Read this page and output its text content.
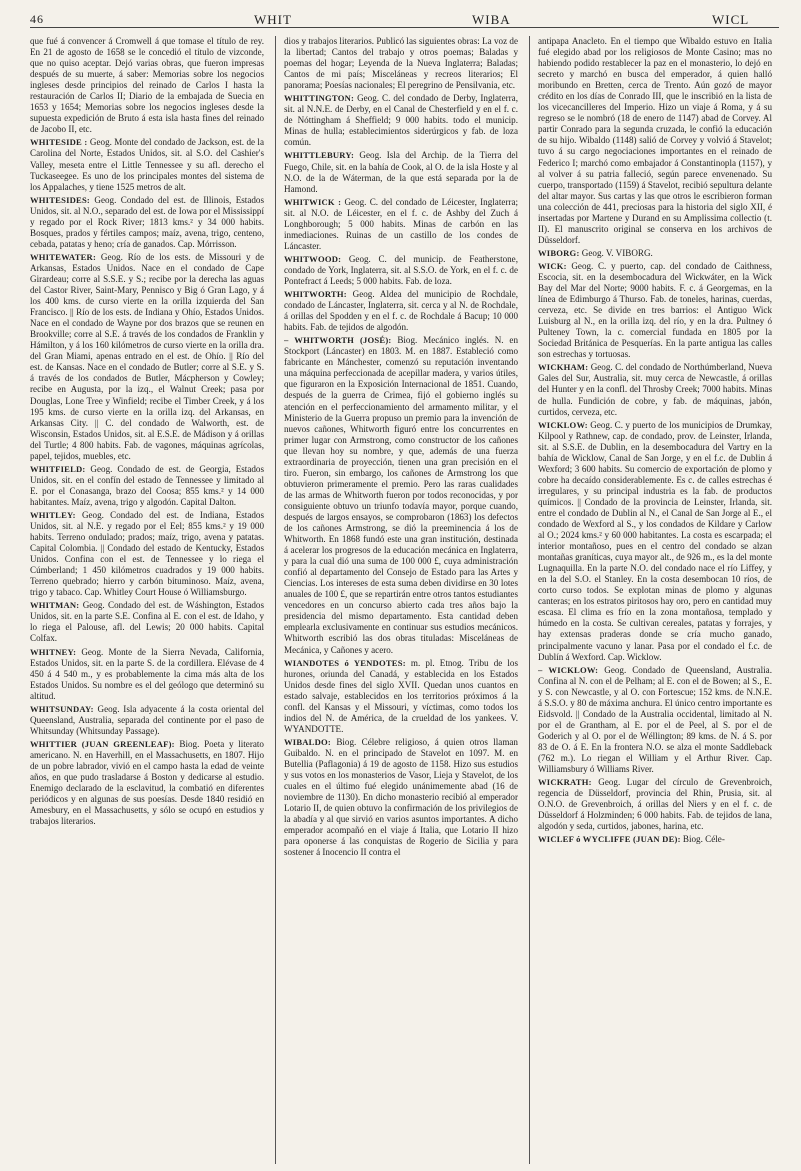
46	WHIT	WIBA	WICL

que fué á convencer á Cromwell á que tomase el título de rey. En 21 de agosto de 1658 se le concedió el título de vizconde, que no quiso aceptar. Dejó varias obras, que fueron impresas después de su muerte, á saber: Memorias sobre los negocios ingleses desde principios del reinado de Carlos I hasta la restauración de Carlos II; Diario de la embajada de Suecia en 1653 y 1654; Memorias sobre los negocios ingleses desde la supuesta expedición de Bruto á esta isla hasta fines del reinado de Jacobo II, etc.

WHITESIDE : Geog. Monte del condado de Jackson, est. de la Carolina del Norte, Estados Unidos, sit. al S.O. del Cashier's Valley, meseta entre el Little Tennessee y su afl. derecho el Tuckaseegee. Es uno de los principales montes del sistema de los Appalaches, y tiene 1525 metros de alt.

WHITESIDES: Geog. Condado del est. de Illinois, Estados Unidos, sit. al N.O., separado del est. de Iowa por el Mississippí y regado por el Rock River; 1813 kms.² y 34 000 habits. Bosques, prados y fértiles campos; maíz, avena, trigo, centeno, cebada, patatas y heno; cría de ganados. Cap. Mórrisson.

WHITEWATER: Geog. Río de los ests. de Missouri y de Arkansas, Estados Unidos. Nace en el condado de Cape Girardeau; corre al S.S.E. y S.; recibe por la derecha las aguas del Castor River, Saint-Mary, Pennisco y Big ó Gran Lago, y á los 400 kms. de curso vierte en la orilla izquierda del San Francisco. || Río de los ests. de Indiana y Ohío, Estados Unidos. Nace en el condado de Wayne por dos brazos que se reunen en Brookville; corre al S.E. á través de los condados de Franklin y Hámilton, y á los 160 kilómetros de curso vierte en la orilla dra. del Gran Miami, apenas entrado en el est. de Ohío. || Río del est. de Kansas. Nace en el condado de Butler; corre al S.E. y S. á través de los condados de Butler, Mácpherson y Cowley; recibe en Augusta, por la izq., el Walnut Creek; pasa por Douglas, Lone Tree y Winfield; recibe el Timber Creek, y á los 195 kms. de curso vierte en la orilla izq. del Arkansas, en Arkansas City. || C. del condado de Walworth, est. de Wisconsin, Estados Unidos, sit. al E.S.E. de Mádison y á orillas del Turtle; 4 800 habits. Fab. de vagones, máquinas agrícolas, papel, tejidos, muebles, etc.

WHITFIELD: Geog. Condado de est. de Georgia, Estados Unidos, sit. en el confín del estado de Tennessee y limitado al E. por el Conasanga, brazo del Coosa; 855 kms.² y 14 000 habitantes. Maíz, avena, trigo y algodón. Capital Dalton.

WHITLEY: Geog. Condado del est. de Indiana, Estados Unidos, sit. al N.E. y regado por el Eel; 855 kms.² y 19 000 habits. Terreno ondulado; prados; maíz, trigo, avena y patatas. Capital Colombia. || Condado del estado de Kentucky, Estados Unidos. Confina con el est. de Tennessee y lo riega el Cúmberland; 1 450 kilómetros cuadrados y 19 000 habits. Terreno quebrado; hierro y carbón bituminoso. Maíz, avena, trigo y tabaco. Cap. Whitley Court House ó Williamsburgo.

WHITMAN: Geog. Condado del est. de Wáshington, Estados Unidos, sit. en la parte S.E. Confina al E. con el est. de Idaho, y lo riega el Palouse, afl. del Lewis; 20 000 habits. Capital Colfax.

WHITNEY: Geog. Monte de la Sierra Nevada, California, Estados Unidos, sit. en la parte S. de la cordillera. Elévase de 4 450 á 4 540 m., y es probablemente la cima más alta de los Estados Unidos. Su nombre es el del geólogo que determinó su altitud.

WHITSUNDAY: Geog. Isla adyacente á la costa oriental del Queensland, Australia, separada del continente por el paso de Whitsunday (Whitsunday Passage).

WHITTIER (JUAN GREENLEAF): Biog. Poeta y literato americano. N. en Haverhill, en el Massachusetts, en 1807. Hijo de un pobre labrador, vivió en el campo hasta la edad de veinte años, en que pudo trasladarse á Boston y dedicarse al estudio. Enemigo declarado de la esclavitud, la combatió en diferentes periódicos y en algunas de sus poesías. Desde 1840 residió en Amesbury, en el Massachusetts, y sólo se ocupó en estudios y trabajos literarios.

dios y trabajos literarios. Publicó las siguientes obras: La voz de la libertad; Cantos del trabajo y otros poemas; Baladas y poemas del hogar; Leyenda de la Nueva Inglaterra; Baladas; Cantos de mi país; Misceláneas y recreos literarios; El panorama; Poesías nacionales; El peregrino de Pensilvania, etc.

WHITTINGTON: Geog. C. del condado de Derby, Inglaterra, sit. al N.N.E. de Derby, en el Canal de Chesterfield y en el f. c. de Nóttingham á Sheffield; 9 000 habits. todo el municip. Minas de hulla; establecimientos siderúrgicos y fab. de loza común.

WHITTLEBURY: Geog. Isla del Archip. de la Tierra del Fuego, Chile, sit. en la bahía de Cook, al O. de la isla Hoste y al N.O. de la de Wáterman, de la que está separada por la de Hamond.

WHITWICK : Geog. C. del condado de Léicester, Inglaterra; sit. al N.O. de Léicester, en el f. c. de Ashby del Zuch á Longhborough; 5 000 habits. Minas de carbón en las inmediaciones. Ruinas de un castillo de los condes de Láncaster.

WHITWOOD: Geog. C. del municip. de Featherstone, condado de York, Inglaterra, sit. al S.S.O. de York, en el f. c. de Pontefract á Leeds; 5 000 habits. Fab. de loza.

WHITWORTH: Geog. Aldea del municipio de Rochdale, condado de Láncaster, Inglaterra, sit. cerca y al N. de Rochdale, á orillas del Spodden y en el f. c. de Rochdale á Bacup; 10 000 habits. Fab. de tejidos de algodón.

– WHITWORTH (JOSÉ): Biog. Mecánico inglés. N. en Stockport (Láncaster) en 1803. M. en 1887. Estableció como fabricante en Mánchester, comenzó su reputación inventando una máquina perfeccionada de acepillar madera, y varios útiles, que figuraron en la Exposición Internacional de 1851. Cuando, después de la guerra de Crimea, fijó el gobierno inglés su atención en el perfeccionamiento del armamento militar, y el Ministerio de la Guerra propuso un premio para la invención de nuevos cañones, Whitworth figuró entre los concurrentes en primer lugar con Armstrong, como constructor de los cañones que llevan hoy su nombre, y que, además de una fuerza extraordinaria de proyección, tienen una gran precisión en el tiro. Fueron, sin embargo, los cañones de Armstrong los que obtuvieron primeramente el premio. Pero las raras cualidades de las armas de Whitworth fueron por todos reconocidas, y por consiguiente obtuvo un triunfo todavía mayor, porque cuando, después de largos ensayos, se comprobaron (1863) los defectos de los cañones Armstrong, se dió la preeminencia á los de Whitworth. En 1868 fundó este una gran institución, destinada á acelerar los progresos de la educación mecánica en Inglaterra, y para la cual dió una suma de 100 000 £, cuya administración confió al departamento del Consejo de Estado para las Artes y Ciencias. Los intereses de esta suma deben dividirse en 30 lotes anuales de 100 £, que se repartirán entre otros tantos estudiantes vencedores en un concurso abierto cada tres años bajo la presidencia del mismo departamento. Esta cantidad deben emplearla exclusivamente en continuar sus estudios mecánicos. Whitworth escribió las dos obras tituladas: Misceláneas de Mecánica, y Cañones y acero.

WIANDOTES ó YENDOTES: m. pl. Etnog. Tribu de los hurones, oriunda del Canadá, y establecida en los Estados Unidos desde fines del siglo XVII. Quedan unos cuantos en estado salvaje, establecidos en los territorios próximos á la confl. del Kansas y el Missouri, y víctimas, como todos los indios del N. de América, de la crueldad de los yankees. V. WYANDOTTE.

WIBALDO: Biog. Célebre religioso, á quien otros llaman Guibaldo. N. en el principado de Stavelot en 1097. M. en Butellia (Paflagonia) á 19 de agosto de 1158. Hizo sus estudios y sus votos en los monasterios de Vasor, Lieja y Stavelot, de los cuales en el último fué elegido unánimemente abad (16 de noviembre de 1130). En dicho monasterio recibió al emperador Lotario II, de quien obtuvo la confirmación de los privilegios de la abadía y al que sirvió en varios asuntos importantes. A dicho emperador acompañó en el viaje á Italia, que Lotario II hizo para oponerse á las conquistas de Rogerio de Sicilia y para sostener á Inocencio II contra el

antipapa Anacleto. En el tiempo que Wibaldo estuvo en Italia fué elegido abad por los religiosos de Monte Casino; mas no habiendo podido restablecer la paz en el monasterio, lo dejó en secreto y marchó en busca del emperador, á quien halló moribundo en Bretten, cerca de Trento. Aún gozó de mayor crédito en los días de Conrado III, que le inscribió en la lista de los vicecancilleres del Imperio. Hizo un viaje á Roma, y á su regreso se le nombró (18 de enero de 1147) abad de Corvey. Al partir Conrado para la segunda cruzada, le confió la educación de su hijo. Wibaldo (1148) salió de Corvey y volvió á Stavelot; tuvo á su cargo negociaciones importantes en el reinado de Federico I; marchó como embajador á Constantinopla (1157), y al volver á su patria falleció, según parece envenenado. Su cuerpo, transportado (1159) á Stavelot, recibió sepultura delante del altar mayor. Sus cartas y las que otros le escribieron forman una colección de 441, preciosas para la historia del siglo XII, é insertadas por Martene y Durand en su Amplissima collectio (t. II). El manuscrito original se conserva en los archivos de Düsseldorf.

WIBORG: Geog. V. VIBORG.

WICK: Geog. C. y puerto, cap. del condado de Caithness, Escocia, sit. en la desembocadura del Wickwáter, en la Wick Bay del Mar del Norte; 9000 habits. F. c. á Georgemas, en la línea de Edimburgo á Thurso. Fab. de toneles, harinas, cuerdas, cerveza, etc. Se divide en tres barrios: el Antiguo Wick Luisburg al N., en la orilla izq. del río, y en la dra. Pultney ó Pulteney Town, la c. comercial fundada en 1805 por la Sociedad Británica de Pesquerías. En la parte antigua las calles son estrechas y tortuosas.

WICKHAM: Geog. C. del condado de Northúmberland, Nueva Gales del Sur, Australia, sit. muy cerca de Newcastle, á orillas del Hunter y en la confl. del Throsby Creek; 7000 habits. Minas de hulla. Fundición de cobre, y fab. de máquinas, jabón, curtidos, cerveza, etc.

WICKLOW: Geog. C. y puerto de los municipios de Drumkay, Kilpool y Rathnew, cap. de condado, prov. de Leinster, Irlanda, sit. al S.S.E. de Dublin, en la desembocadura del Vartry en la bahía de Wicklow, Canal de San Jorge, y en el f.c. de Dublin á Wexford; 3 600 habits. Su comercio de exportación de plomo y cobre ha decaído considerablemente. Es c. de calles estrechas é irregulares, y su principal industria es la fab. de productos químicos. || Condado de la provincia de Leinster, Irlanda, sit. entre el condado de Dublin al N., el Canal de San Jorge al E., el condado de Wexford al S., y los condados de Kildare y Carlow al O.; 2024 kms.² y 60 000 habitantes. La costa es escarpada; el interior montañoso, pues en el centro del condado se alzan montañas graníticas, cuya mayor alt., de 926 m., es la del monte Lugnaquilla. En la parte N.O. del condado nace el río Liffey, y en la del S.O. el Stanley. En la costa desembocan 10 ríos, de corto curso todos. Se explotan minas de plomo y algunas canteras; en los estratos piritosos hay oro, pero en cantidad muy escasa. El clima es frío en la zona montañosa, templado y húmedo en la costa. Se cultivan cereales, patatas y forrajes, y hay extensas praderas donde se cría mucho ganado, principalmente vacuno y lanar. Pasa por el condado el f.c. de Dublín á Wexford. Cap. Wicklow.

– WICKLOW: Geog. Condado de Queensland, Australia. Confina al N. con el de Pelham; al E. con el de Bowen; al S., E. y S. con Newcastle, y al O. con Fortescue; 152 kms. de N.N.E. á S.S.O. y 80 de máxima anchura. El único centro importante es Eidsvold. || Condado de la Australia occidental, limitado al N. por el de Grantham, al E. por el de Peel, al S. por el de Goderich y al O. por el de Wéllington; 89 kms. de N. á S. por 83 de O. á E. En la frontera N.O. se alza el monte Saddleback (762 m.). Lo riegan el William y el Arthur River. Cap. Williamsbury ó Williams River.

WICKRATH: Geog. Lugar del círculo de Grevenbroich, regencia de Düsseldorf, provincia del Rhin, Prusia, sit. al O.N.O. de Grevenbroich, á orillas del Niers y en el f. c. de Düsseldorf á Holzminden; 6 000 habits. Fab. de tejidos de lana, algodón y seda, curtidos, jabones, harina, etc.

WICLEF ó WYCLIFFE (JUAN DE): Biog. Céle-
